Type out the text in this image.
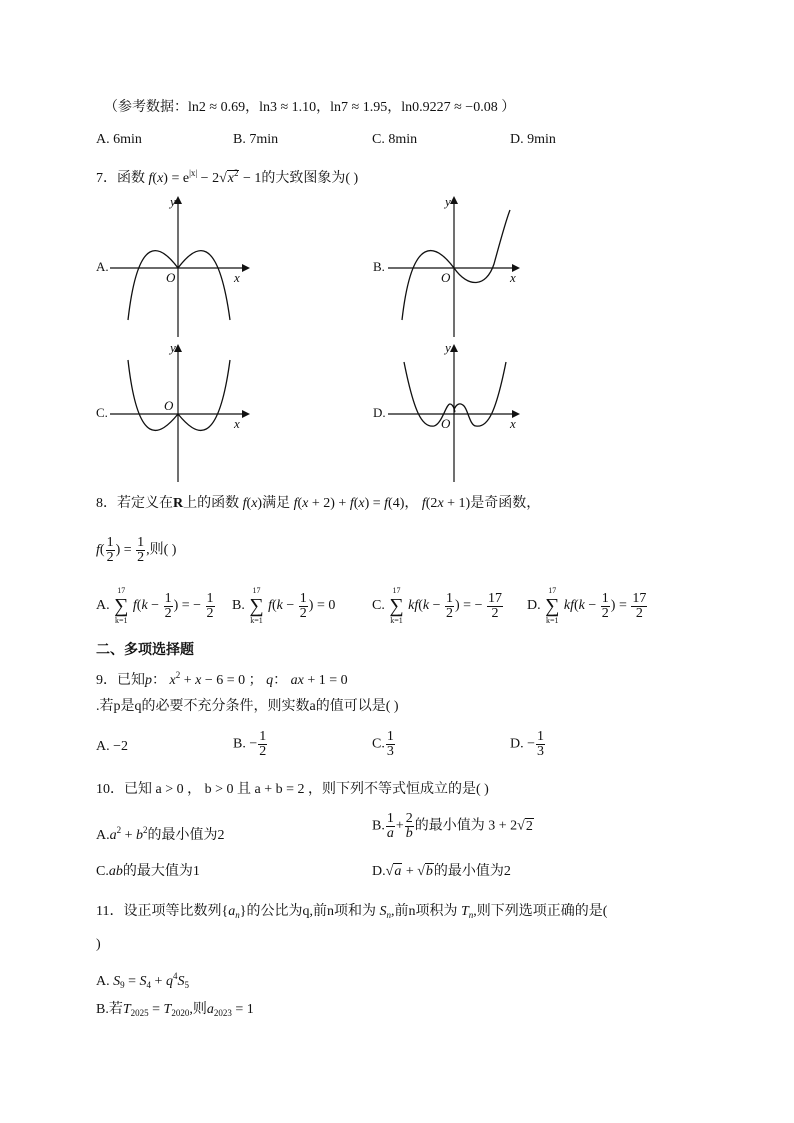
（参考数据：ln2 ≈ 0.69，ln3 ≈ 1.10，ln7 ≈ 1.95，ln0.9227 ≈ −0.08 ）
A. 6min	B. 7min	C. 8min	D. 9min
7．函数 $f(x) = e^{|x|} - 2√x^2 - 1$的大致图象为( )
A.
y
x
O
B.
y
x
O
C.
y
x
O	D.
y
x
O
8．若定义在R上的函数 f(x)满足 f(x + 2) + f(x) = f(4)， f(2x + 1)是奇函数，
$f( \frac{1}{2}$ ) = $\frac{1}{2}$ ,则( )
A.
17
∑
k=1
$f(k - \frac{1}{2}$ ) = − $\frac{1}{2} B$.
17
∑
k=1
$f(k - \frac{1}{2}$ ) = 0	C.
17
∑
k=1
$kf(k - \frac{1}{2}$ ) = − $\frac{17}{2} D$.
17
∑
k=1
$kf(k - \frac{1}{2}$ ) = $\frac{17}{2}$
二、多项选择题
9．已知p： $x^2 + x - 6 = 0$ ； q： ax + 1 = 0
.若p是q的必要不充分条件，则实数a的值可以是( )
A. −2	B. − $\frac{1}{2}$	C. $\frac{1}{3}$	D. − $\frac{1}{3}$
10．已知 a > 0 ， b > 0 且 a + b = 2 ，则下列不等式恒成立的是( )
$A.a^2 + b^2$的最小值为2
B. $\frac{1}{a} + \frac{2}{b}$ 的最小值为 3 + 2√2
C.ab的最大值为1	D.√a + √b的最小值为2
11．设正项等比数列$\{a_n\}$的公比为q,前n项和为 $S_n$,前n项积为 $T_n$,则下列选项正确的是(
)
A. $S_9 = S_4 + q^4S_5$
B.若$T_{2025} = T_{2020}$,则$a_{2023} = 1$
